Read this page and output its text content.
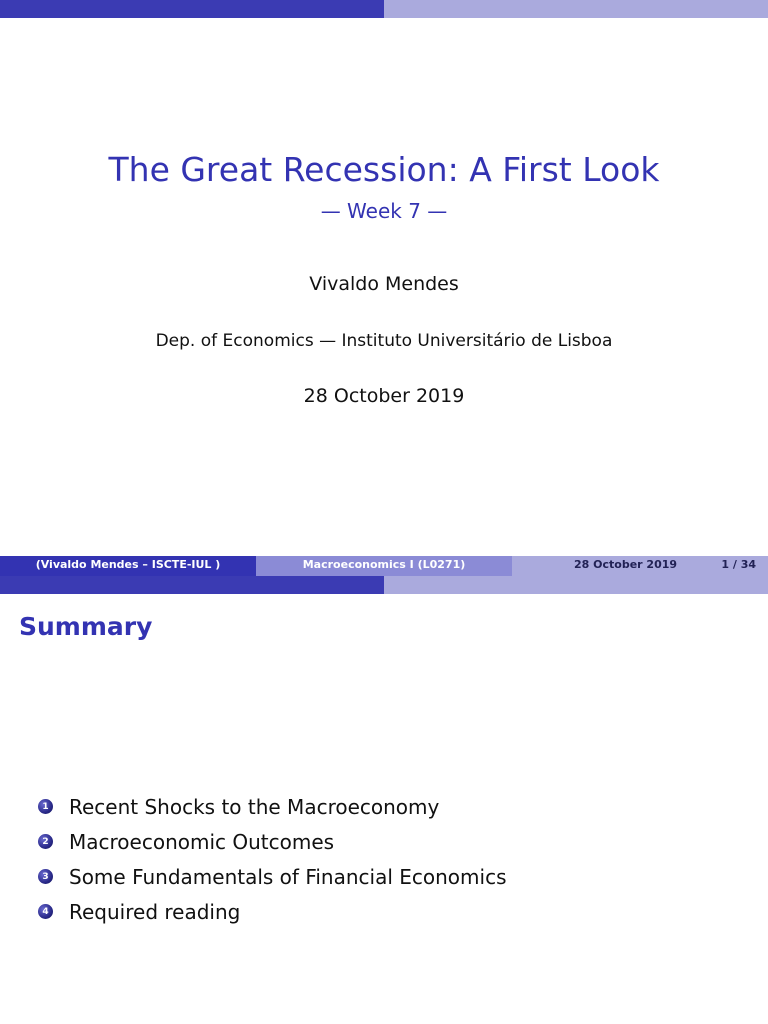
The Great Recession: A First Look
— Week 7 —
Vivaldo Mendes
Dep. of Economics — Instituto Universitário de Lisboa
28 October 2019
(Vivaldo Mendes – ISCTE-IUL )	Macroeconomics I (L0271)	28 October 2019	1 / 34
Summary
1 Recent Shocks to the Macroeconomy
2 Macroeconomic Outcomes
3 Some Fundamentals of Financial Economics
4 Required reading
